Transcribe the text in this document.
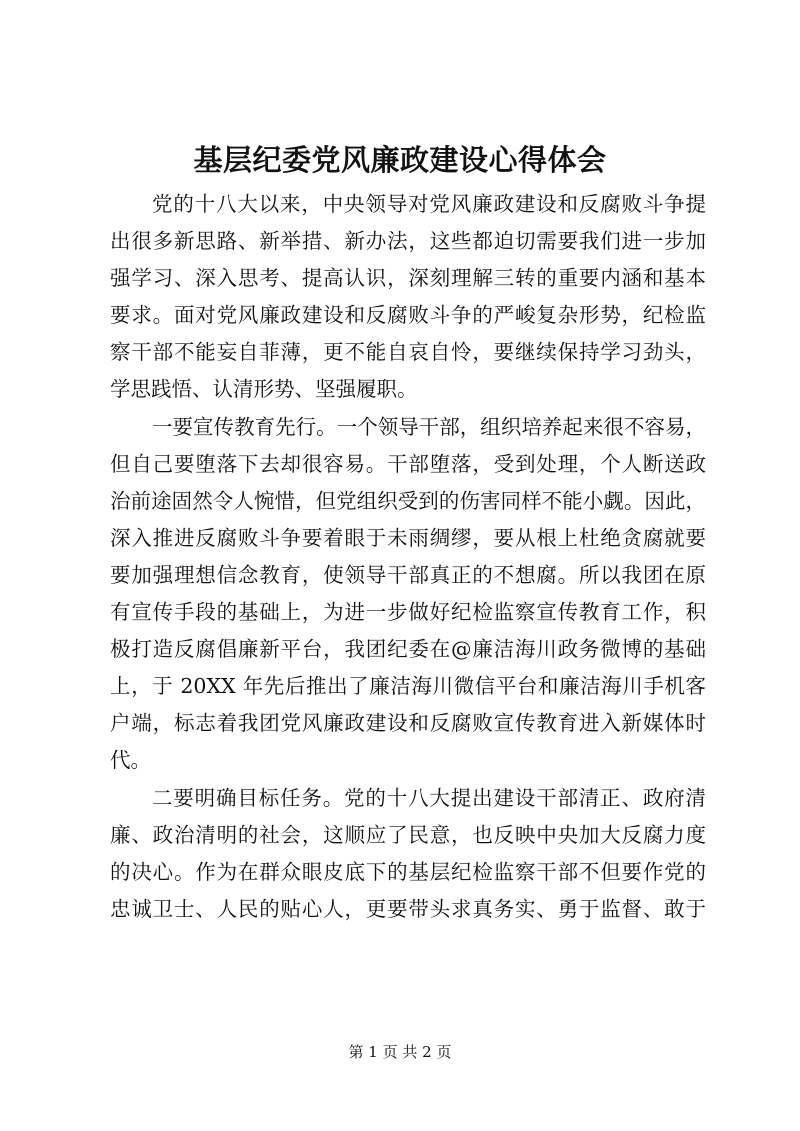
基层纪委党风廉政建设心得体会
党的十八大以来，中央领导对党风廉政建设和反腐败斗争提
出很多新思路、新举措、新办法，这些都迫切需要我们进一步加
强学习、深入思考、提高认识，深刻理解三转的重要内涵和基本
要求。面对党风廉政建设和反腐败斗争的严峻复杂形势，纪检监
察干部不能妄自菲薄，更不能自哀自怜，要继续保持学习劲头，
学思践悟、认清形势、坚强履职。
一要宣传教育先行。一个领导干部，组织培养起来很不容易，
但自己要堕落下去却很容易。干部堕落，受到处理，个人断送政
治前途固然令人惋惜，但党组织受到的伤害同样不能小觑。因此，
深入推进反腐败斗争要着眼于未雨绸缪，要从根上杜绝贪腐就要
要加强理想信念教育，使领导干部真正的不想腐。所以我团在原
有宣传手段的基础上，为进一步做好纪检监察宣传教育工作，积
极打造反腐倡廉新平台，我团纪委在@廉洁海川政务微博的基础
上，于 20XX 年先后推出了廉洁海川微信平台和廉洁海川手机客
户端，标志着我团党风廉政建设和反腐败宣传教育进入新媒体时
代。
二要明确目标任务。党的十八大提出建设干部清正、政府清
廉、政治清明的社会，这顺应了民意，也反映中央加大反腐力度
的决心。作为在群众眼皮底下的基层纪检监察干部不但要作党的
忠诚卫士、人民的贴心人，更要带头求真务实、勇于监督、敢于
第 1 页 共 2 页
